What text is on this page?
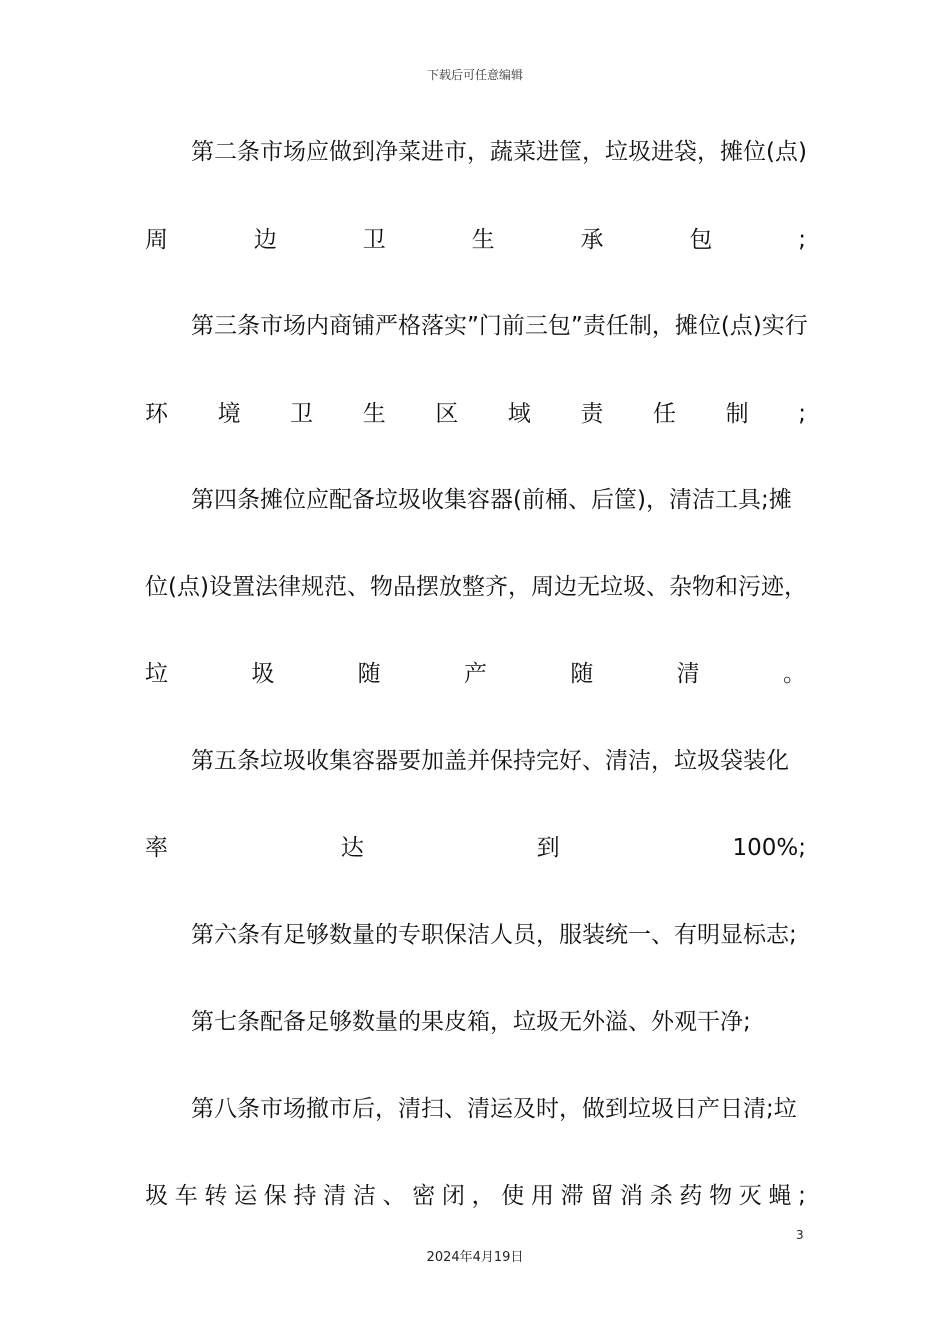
下载后可任意编辑
第二条市场应做到净菜进市，蔬菜进筐，垃圾进袋，摊位(点)
周	边	卫	生	承	包	;
第三条市场内商铺严格落实”门前三包”责任制，摊位(点)实行
环 境 卫 生 区 域 责 任 制 ;
第四条摊位应配备垃圾收集容器(前桶、后筐)，清洁工具;摊
位(点)设置法律规范、物品摆放整齐，周边无垃圾、杂物和污迹，
垃	圾	随	产	随	清	。
第五条垃圾收集容器要加盖并保持完好、清洁，垃圾袋装化
率	达	到	100%;
第六条有足够数量的专职保洁人员，服装统一、有明显标志;
第七条配备足够数量的果皮箱，垃圾无外溢、外观干净;
第八条市场撤市后，清扫、清运及时，做到垃圾日产日清;垃
圾 车 转 运 保 持 清 洁 、 密 闭 ， 使 用 滞 留 消 杀 药 物 灭 蝇 ;
3
2024年4月19日
